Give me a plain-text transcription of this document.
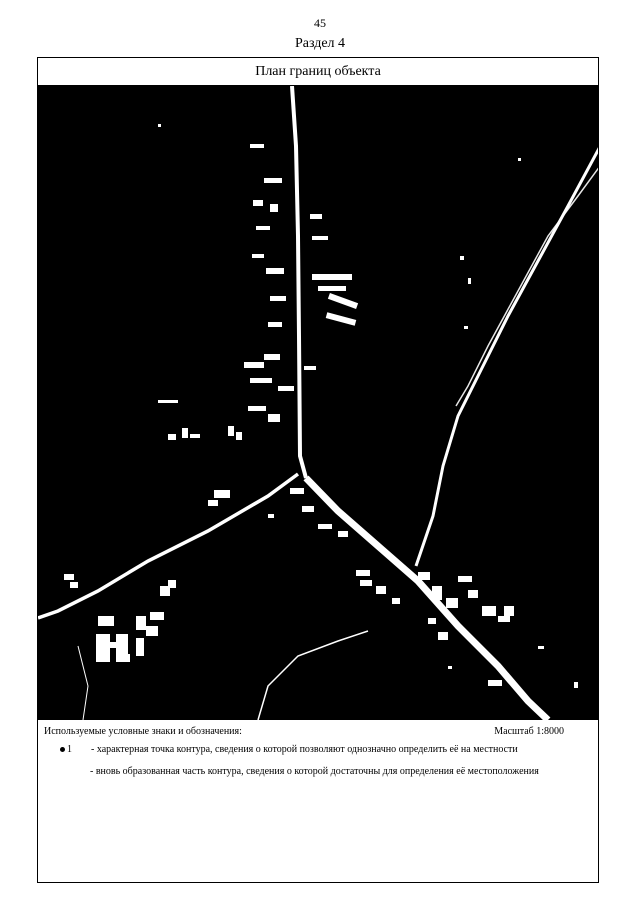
45
Раздел 4
План границ объекта
Используемые условные знаки и обозначения:	Масштаб 1:8000
1 - характерная точка контура, сведения о которой позволяют однозначно определить её на местности
- вновь образованная часть контура, сведения о которой достаточны для определения её местоположения
